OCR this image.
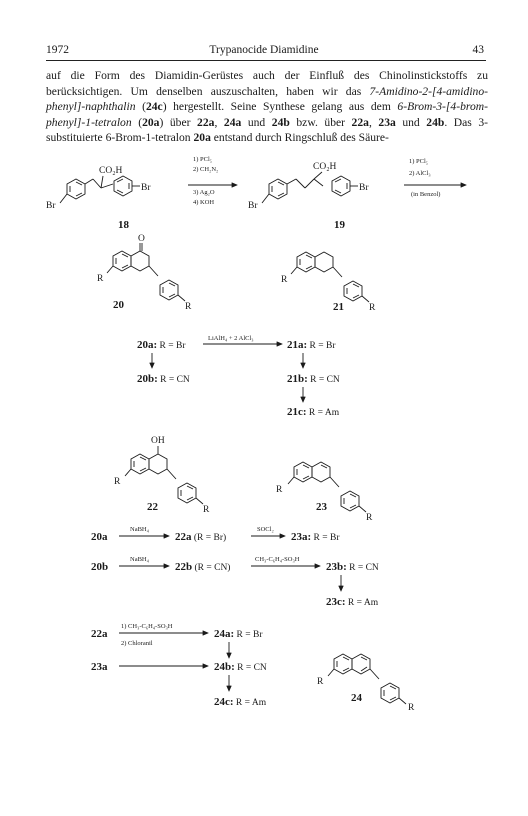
1972	Trypanocide Diamidine	43
auf die Form des Diamidin-Gerüstes auch der Einfluß des Chinolinstickstoffs zu berücksichtigen. Um denselben auszuschalten, haben wir das 7-Amidino-2-[4-amidino-phenyl]-naphthalin (24c) hergestellt. Seine Synthese gelang aus dem 6-Brom-3-[4-brom-phenyl]-1-tetralon (20a) über 22a, 24a und 24b bzw. über 22a, 23a und 24b. Das 3-substituierte 6-Brom-1-tetralon 20a entstand durch Ringschluß des Säure-
Br
CO₂H
Br
18
1) PCl₅
2) CH₂N₂
3) Ag₂O
4) KOH	Br
CO₂H
Br
19
1) PCl₅
2) AlCl₃
(in Benzol)
O
R
R
20
R
R
21
20a: R = Br
LiAlH₄ + 2 AlCl₃
21a: R = Br
20b: R = CN	21b: R = CN
21c: R = Am
OH
R
R
22
R
R
23
20a
NaBH₄
22a (R = Br)
SOCl₂
23a: R = Br
20b
NaBH₄
22b (R = CN)
CH₃-C₆H₄-SO₃H
23b: R = CN
23c: R = Am
22a
1) CH₃-C₆H₄-SO₃H
2) Chloranil
24a: R = Br
23a	24b: R = CN
24c: R = Am
R
R
24
